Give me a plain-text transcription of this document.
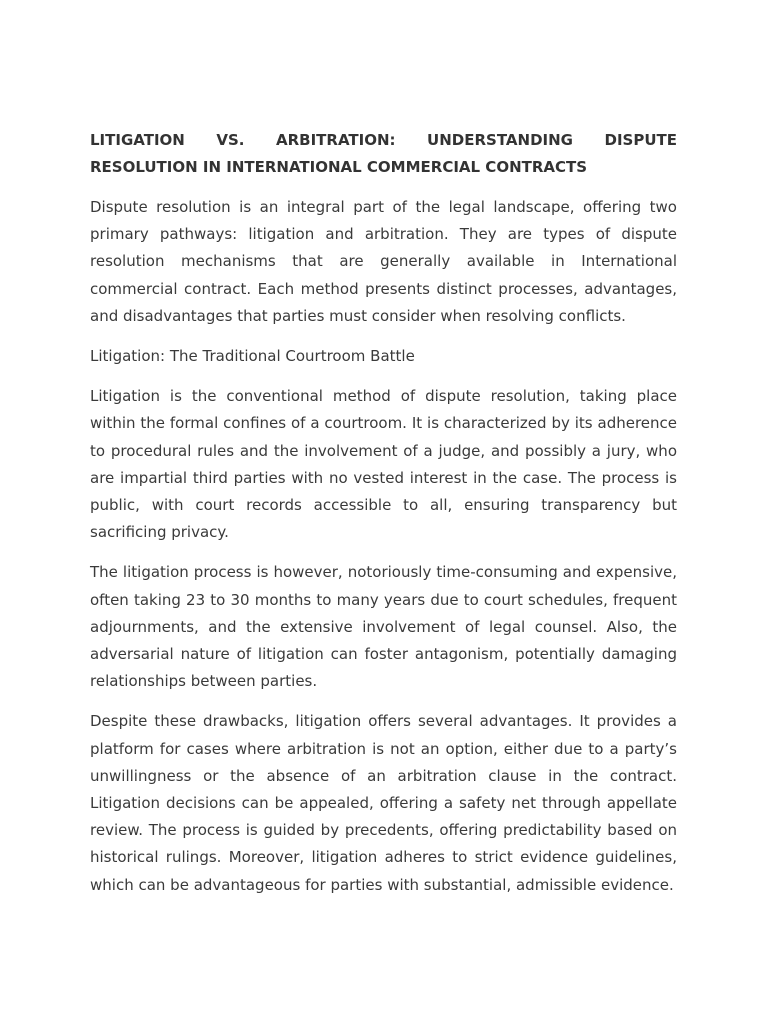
LITIGATION VS. ARBITRATION: UNDERSTANDING DISPUTE RESOLUTION IN INTERNATIONAL COMMERCIAL CONTRACTS

Dispute resolution is an integral part of the legal landscape, offering two primary pathways: litigation and arbitration. They are types of dispute resolution mechanisms that are generally available in International commercial contract. Each method presents distinct processes, advantages, and disadvantages that parties must consider when resolving conflicts.

Litigation: The Traditional Courtroom Battle

Litigation is the conventional method of dispute resolution, taking place within the formal confines of a courtroom. It is characterized by its adherence to procedural rules and the involvement of a judge, and possibly a jury, who are impartial third parties with no vested interest in the case. The process is public, with court records accessible to all, ensuring transparency but sacrificing privacy.

The litigation process is however, notoriously time-consuming and expensive, often taking 23 to 30 months to many years due to court schedules, frequent adjournments, and the extensive involvement of legal counsel. Also, the adversarial nature of litigation can foster antagonism, potentially damaging relationships between parties.

Despite these drawbacks, litigation offers several advantages. It provides a platform for cases where arbitration is not an option, either due to a party’s unwillingness or the absence of an arbitration clause in the contract. Litigation decisions can be appealed, offering a safety net through appellate review. The process is guided by precedents, offering predictability based on historical rulings. Moreover, litigation adheres to strict evidence guidelines, which can be advantageous for parties with substantial, admissible evidence.
